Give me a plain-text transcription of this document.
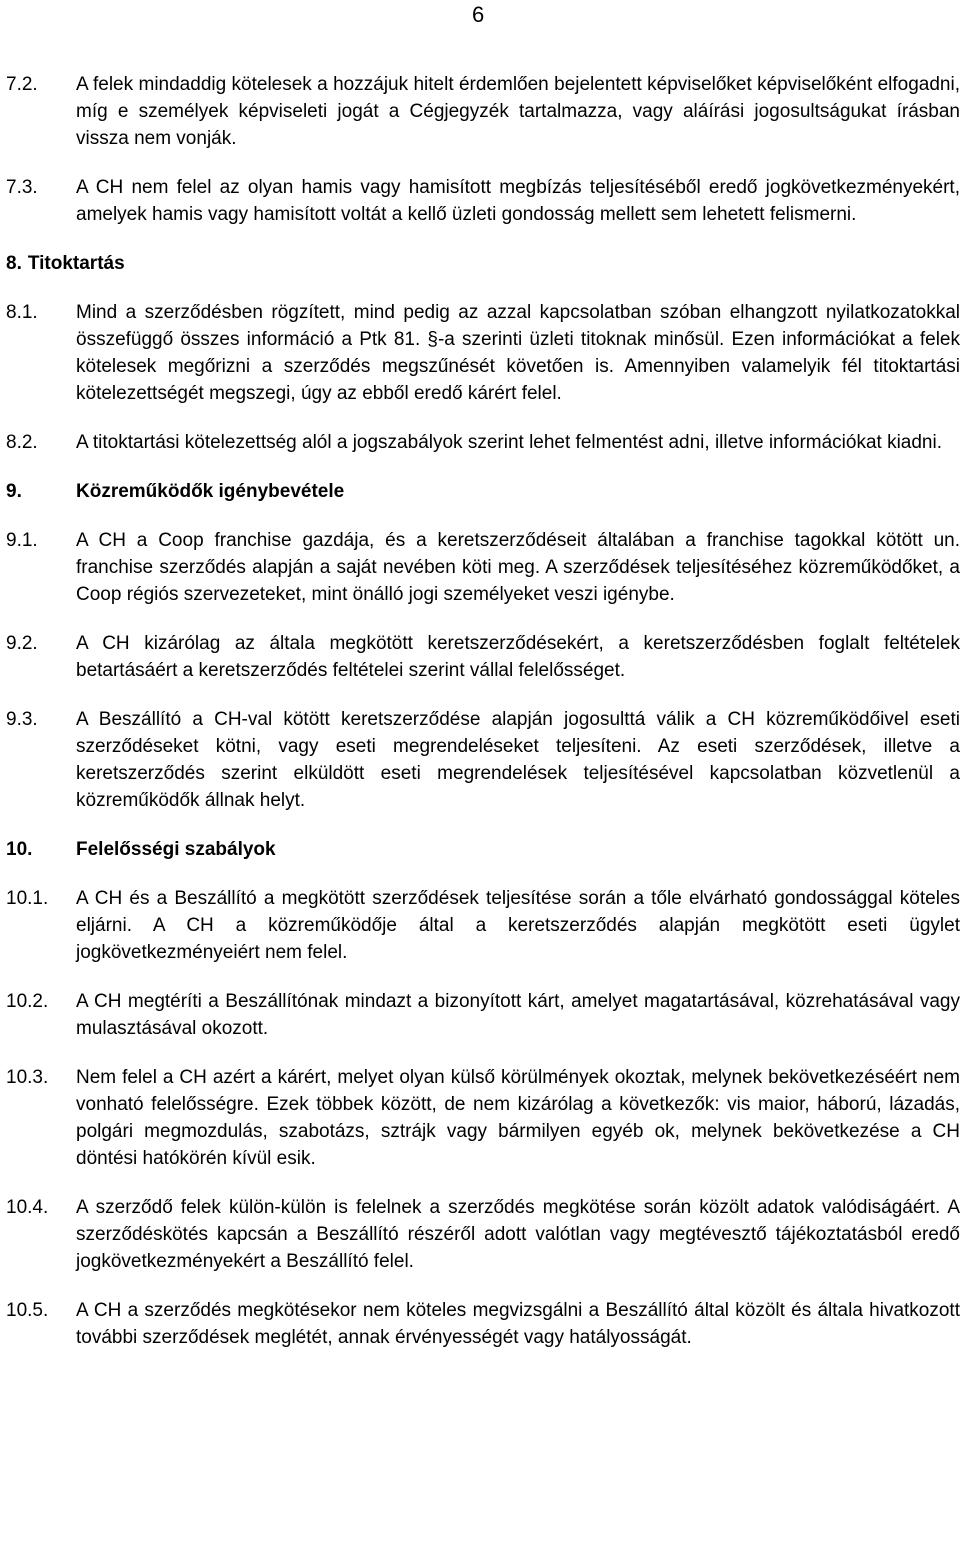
6
7.2.	A felek mindaddig kötelesek a hozzájuk hitelt érdemlően bejelentett képviselőket képviselőként elfogadni, míg e személyek képviseleti jogát a Cégjegyzék tartalmazza, vagy aláírási jogosultságukat írásban vissza nem vonják.
7.3.	A CH nem felel az olyan hamis vagy hamisított megbízás teljesítéséből eredő jogkövetkezményekért, amelyek hamis vagy hamisított voltát a kellő üzleti gondosság mellett sem lehetett felismerni.
8. Titoktartás
8.1.	Mind a szerződésben rögzített, mind pedig az azzal kapcsolatban szóban elhangzott nyilatkozatokkal összefüggő összes információ a Ptk 81. §-a szerinti üzleti titoknak minősül. Ezen információkat a felek kötelesek megőrizni a szerződés megszűnését követően is. Amennyiben valamelyik fél titoktartási kötelezettségét megszegi, úgy az ebből eredő kárért felel.
8.2.	A titoktartási kötelezettség alól a jogszabályok szerint lehet felmentést adni, illetve információkat kiadni.
9.	Közreműködők igénybevétele
9.1.	A CH a Coop franchise gazdája, és a keretszerződéseit általában a franchise tagokkal kötött un. franchise szerződés alapján a saját nevében köti meg. A szerződések teljesítéséhez közreműködőket, a Coop régiós szervezeteket, mint önálló jogi személyeket veszi igénybe.
9.2.	A CH kizárólag az általa megkötött keretszerződésekért, a keretszerződésben foglalt feltételek betartásáért a keretszerződés feltételei szerint vállal felelősséget.
9.3.	A Beszállító a CH-val kötött keretszerződése alapján jogosulttá válik a CH közreműködőivel eseti szerződéseket kötni, vagy eseti megrendeléseket teljesíteni. Az eseti szerződések, illetve a keretszerződés szerint elküldött eseti megrendelések teljesítésével kapcsolatban közvetlenül a közreműködők állnak helyt.
10.	Felelősségi szabályok
10.1.	A CH és a Beszállító a megkötött szerződések teljesítése során a tőle elvárható gondossággal köteles eljárni. A CH a közreműködője által a keretszerződés alapján megkötött eseti ügylet jogkövetkezményeiért nem felel.
10.2.	A CH megtéríti a Beszállítónak mindazt a bizonyított kárt, amelyet magatartásával, közrehatásával vagy mulasztásával okozott.
10.3.	Nem felel a CH azért a kárért, melyet olyan külső körülmények okoztak, melynek bekövetkezéséért nem vonható felelősségre. Ezek többek között, de nem kizárólag a következők: vis maior, háború, lázadás, polgári megmozdulás, szabotázs, sztrájk vagy bármilyen egyéb ok, melynek bekövetkezése a CH döntési hatókörén kívül esik.
10.4.	A szerződő felek külön-külön is felelnek a szerződés megkötése során közölt adatok valódiságáért. A szerződéskötés kapcsán a Beszállító részéről adott valótlan vagy megtévesztő tájékoztatásból eredő jogkövetkezményekért a Beszállító felel.
10.5.	A CH a szerződés megkötésekor nem köteles megvizsgálni a Beszállító által közölt és általa hivatkozott további szerződések meglétét, annak érvényességét vagy hatályosságát.
